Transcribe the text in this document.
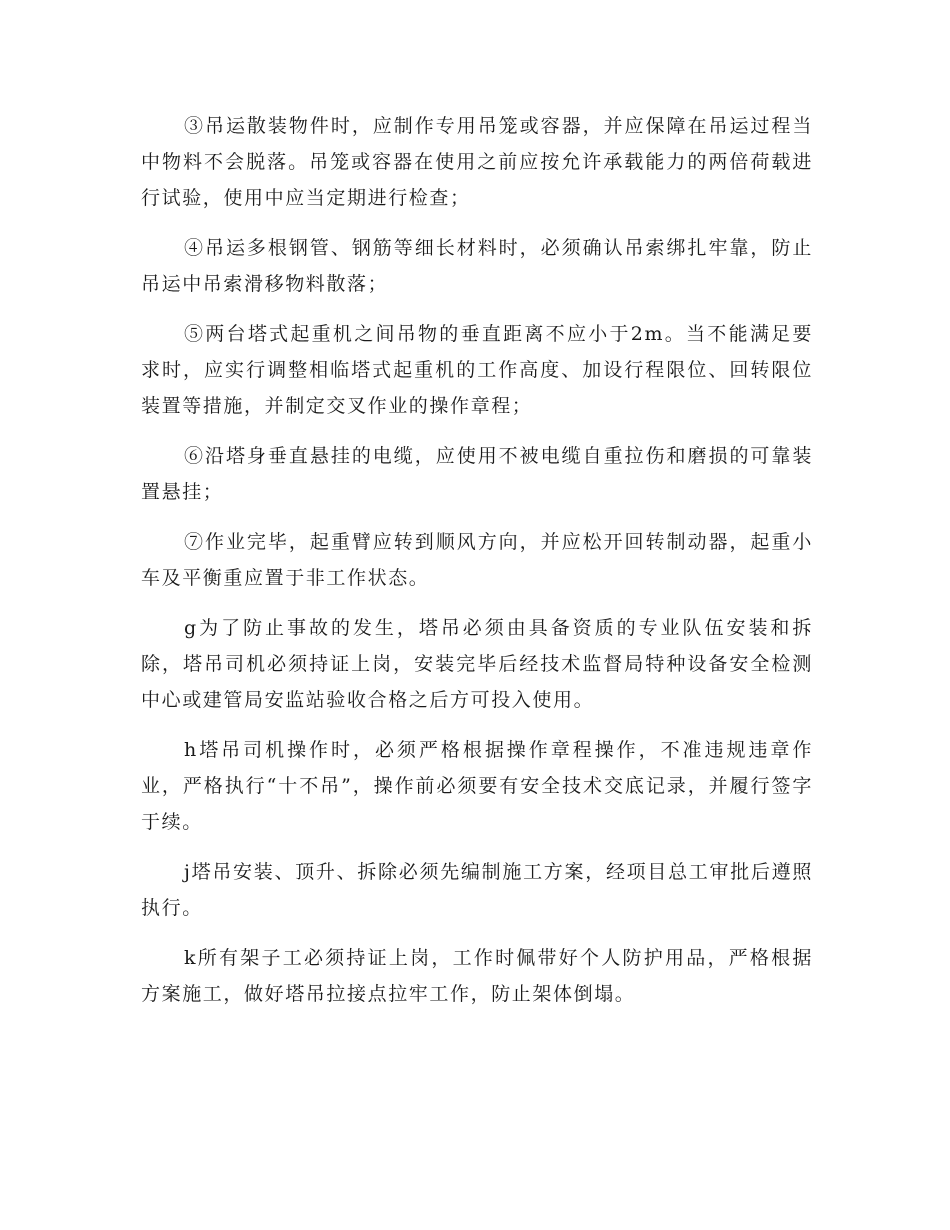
③吊运散装物件时，应制作专用吊笼或容器，并应保障在吊运过程当中物料不会脱落。吊笼或容器在使用之前应按允许承载能力的两倍荷载进行试验，使用中应当定期进行检查；

④吊运多根钢管、钢筋等细长材料时，必须确认吊索绑扎牢靠，防止吊运中吊索滑移物料散落；

⑤两台塔式起重机之间吊物的垂直距离不应小于2m。当不能满足要求时，应实行调整相临塔式起重机的工作高度、加设行程限位、回转限位装置等措施，并制定交叉作业的操作章程；

⑥沿塔身垂直悬挂的电缆，应使用不被电缆自重拉伤和磨损的可靠装置悬挂；

⑦作业完毕，起重臂应转到顺风方向，并应松开回转制动器，起重小车及平衡重应置于非工作状态。

g为了防止事故的发生，塔吊必须由具备资质的专业队伍安装和拆除，塔吊司机必须持证上岗，安装完毕后经技术监督局特种设备安全检测中心或建管局安监站验收合格之后方可投入使用。

h塔吊司机操作时，必须严格根据操作章程操作，不准违规违章作业，严格执行“十不吊”，操作前必须要有安全技术交底记录，并履行签字于续。

j塔吊安装、顶升、拆除必须先编制施工方案，经项目总工审批后遵照执行。

k所有架子工必须持证上岗，工作时佩带好个人防护用品，严格根据方案施工，做好塔吊拉接点拉牢工作，防止架体倒塌。
